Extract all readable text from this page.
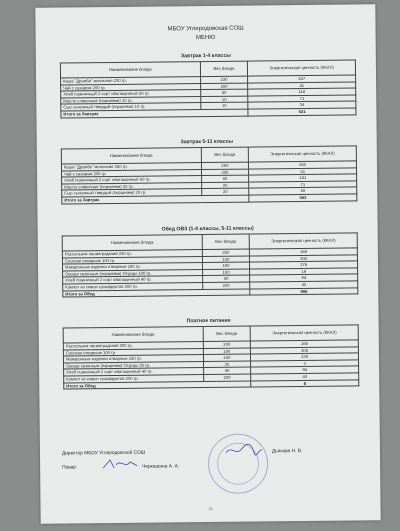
МБОУ Углеродовская СОШ
МЕНЮ
Завтрак 1-4 классы
Наименование блюда	Вес блюда	Энергетическая ценность (ККАЛ)
Каша "Дружба" молочная 230 гр.	230	267
Чай с сахаром 200 гр.	200	41
Хлеб пшеничный 2 сорт обогащенный 50 гр.	50	118
Масло сливочное (порциями) 10 гр.	10	71
Сыр сычужный твердый (порциями) 10 гр.	10	34
Итого за Завтрак		531
Завтрак 5-11 классы
Наименование блюда	Вес блюда	Энергетическая ценность (ККАЛ)
Каша "Дружба" молочная 250 гр.	250	260
Чай с сахаром 200 гр.	200	41
Хлеб пшеничный 2 сорт обогащенный 60 гр.	60	141
Масло сливочное (порциями) 20 гр.	20	71
Сыр сычужный твердый (порциями) 20 гр.	20	50
Итого за Завтрак		563
Обед ОВЗ (1-4 классы, 5-11 классы)
Наименование блюда	Вес блюда	Энергетическая ценность (ККАЛ)
Рассольник ленинградский 250 гр.	250	169
Сосиски отварные 100 гр.	100	300
Макаронные изделия отварные 180 гр.	180	276
Овощи сезонные (порциями) Огурцы 100 гр.	100	19
Хлеб пшеничный 2 сорт обогащенный 40 гр.	40	94
Компот из смеси сухофруктов 200 гр.	200	40
Итого за Обед		898
Платное питание
Наименование блюда	Вес блюда	Энергетическая ценность (ККАЛ)
Рассольник ленинградский 200 гр.	200	165
Сосиски отварные 100 гр.	100	300
Макаронные изделия отварные 150 гр.	150	230
Овощи сезонные (порциями) Огурцы 30 гр.	30	3
Хлеб пшеничный 2 сорт обогащенный 40 гр.	40	94
Компот из смеси сухофруктов 200 гр.	200	40
Итого за Обед		8
Директор МБОУ Углеродовской СОШ	Дьякова Н. В.
Повар	Черкашина А. А.
26
